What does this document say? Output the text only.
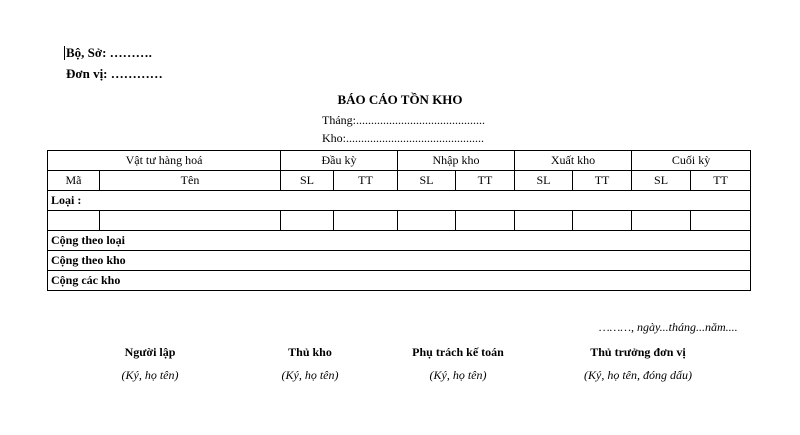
Bộ, Sở: ……….
Đơn vị: …………
BÁO CÁO TỒN KHO
Tháng:...........................................
Kho:..............................................
Vật tư hàng hoá		Đầu kỳ		Nhập kho		Xuất kho		Cuối kỳ	
Mã	Tên	SL	TT	SL	TT	SL	TT	SL	TT
Loại :									

Cộng theo loại									
Cộng theo kho									
Cộng các kho									
………, ngày...tháng...năm....
Người lập
(Ký, họ tên)
Thủ kho
(Ký, họ tên)
Phụ trách kế toán
(Ký, họ tên)
Thủ trưởng đơn vị
(Ký, họ tên, đóng dấu)
